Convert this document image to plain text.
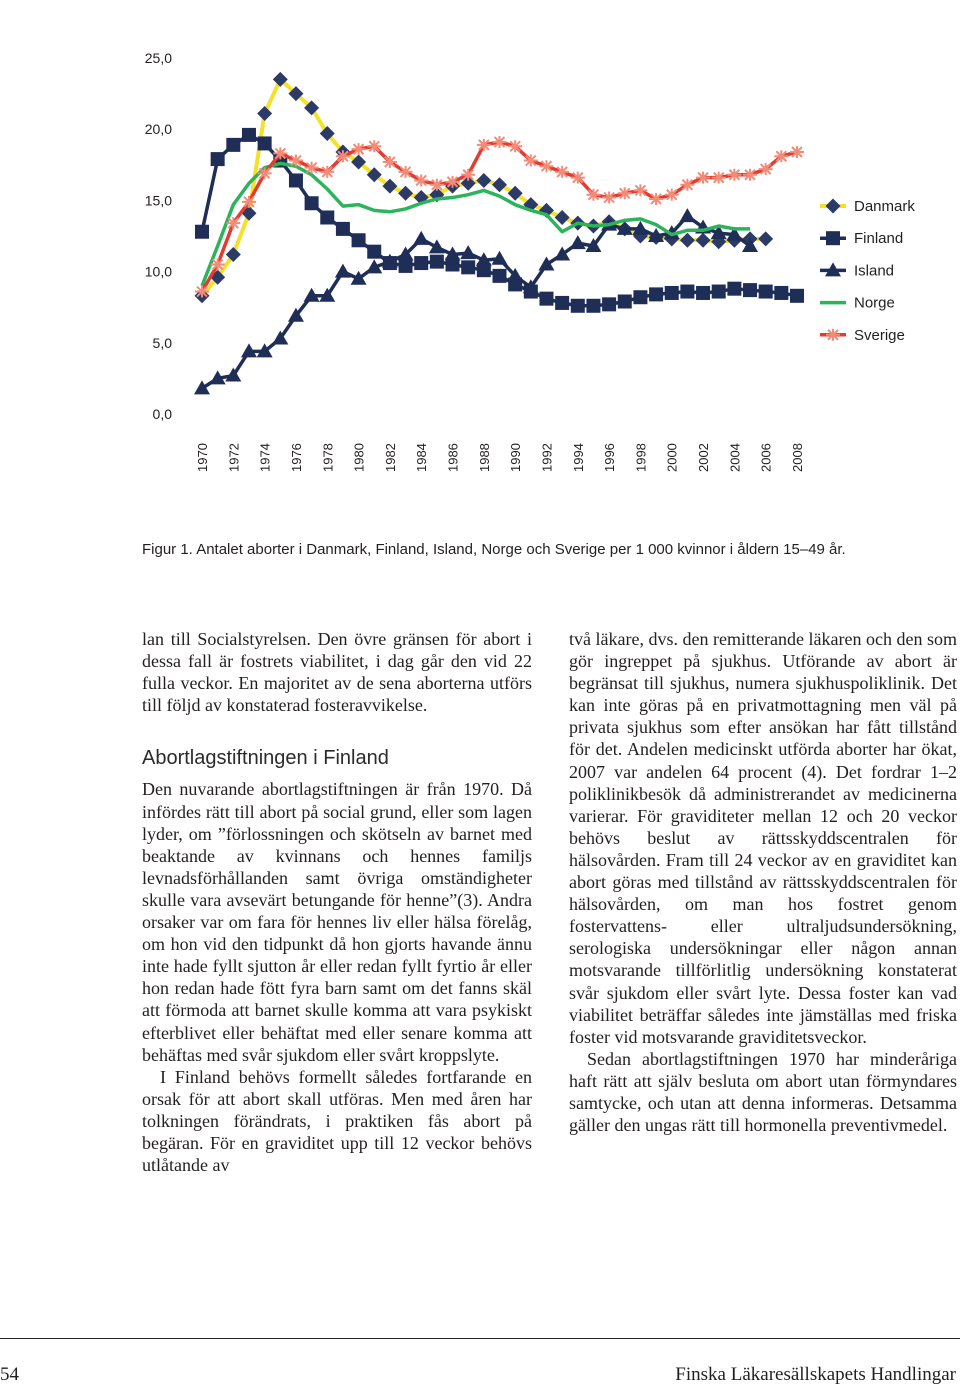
0,0
5,0
10,0
15,0
20,0
25,0
1970 1972 1974 1976 1978 1980 1982 1984 1986 1988 1990 1992 1994 1996 1998 2000 2002 2004 2006 2008
Danmark
Finland
Island
Norge
Sverige
Figur 1. Antalet aborter i Danmark, Finland, Island, Norge och Sverige per 1 000 kvinnor i åldern 15–49 år.

lan till Socialstyrelsen. Den övre gränsen för abort i dessa fall är fostrets viabilitet, i dag går den vid 22 fulla veckor. En majoritet av de sena aborterna utförs till följd av konstaterad fosteravvikelse.

Abortlagstiftningen i Finland

Den nuvarande abortlagstiftningen är från 1970. Då infördes rätt till abort på social grund, eller som lagen lyder, om ”förlossningen och skötseln av barnet med beaktande av kvinnans och hennes familjs levnadsförhållanden samt övriga omständigheter skulle vara avsevärt betungande för henne”(3). Andra orsaker var om fara för hennes liv eller hälsa förelåg, om hon vid den tidpunkt då hon gjorts havande ännu inte hade fyllt sjutton år eller redan fyllt fyrtio år eller hon redan hade fött fyra barn samt om det fanns skäl att förmoda att barnet skulle komma att vara psykiskt efterblivet eller behäftat med eller senare komma att behäftas med svår sjukdom eller svårt kroppslyte.

I Finland behövs formellt således fortfarande en orsak för att abort skall utföras. Men med åren har tolkningen förändrats, i praktiken fås abort på begäran. För en graviditet upp till 12 veckor behövs utlåtande av

två läkare, dvs. den remitterande läkaren och den som gör ingreppet på sjukhus. Utförande av abort är begränsat till sjukhus, numera sjukhuspoliklinik. Det kan inte göras på en privatmottagning men väl på privata sjukhus som efter ansökan har fått tillstånd för det. Andelen medicinskt utförda aborter har ökat, 2007 var andelen 64 procent (4). Det fordrar 1–2 poliklinikbesök då administrerandet av medicinerna varierar. För graviditeter mellan 12 och 20 veckor behövs beslut av rättsskyddscentralen för hälsovården. Fram till 24 veckor av en graviditet kan abort göras med tillstånd av rättsskyddscentralen för hälsovården, om man hos fostret genom fostervattens- eller ultraljudsundersökning, serologiska undersökningar eller någon annan motsvarande tillförlitlig undersökning konstaterat svår sjukdom eller svårt lyte. Dessa foster kan vad viabilitet beträffar således inte jämställas med friska foster vid motsvarande graviditetsveckor.

Sedan abortlagstiftningen 1970 har minderåriga haft rätt att själv besluta om abort utan förmyndares samtycke, och utan att denna informeras. Detsamma gäller den ungas rätt till hormonella preventivmedel.

54	Finska Läkaresällskapets Handlingar
